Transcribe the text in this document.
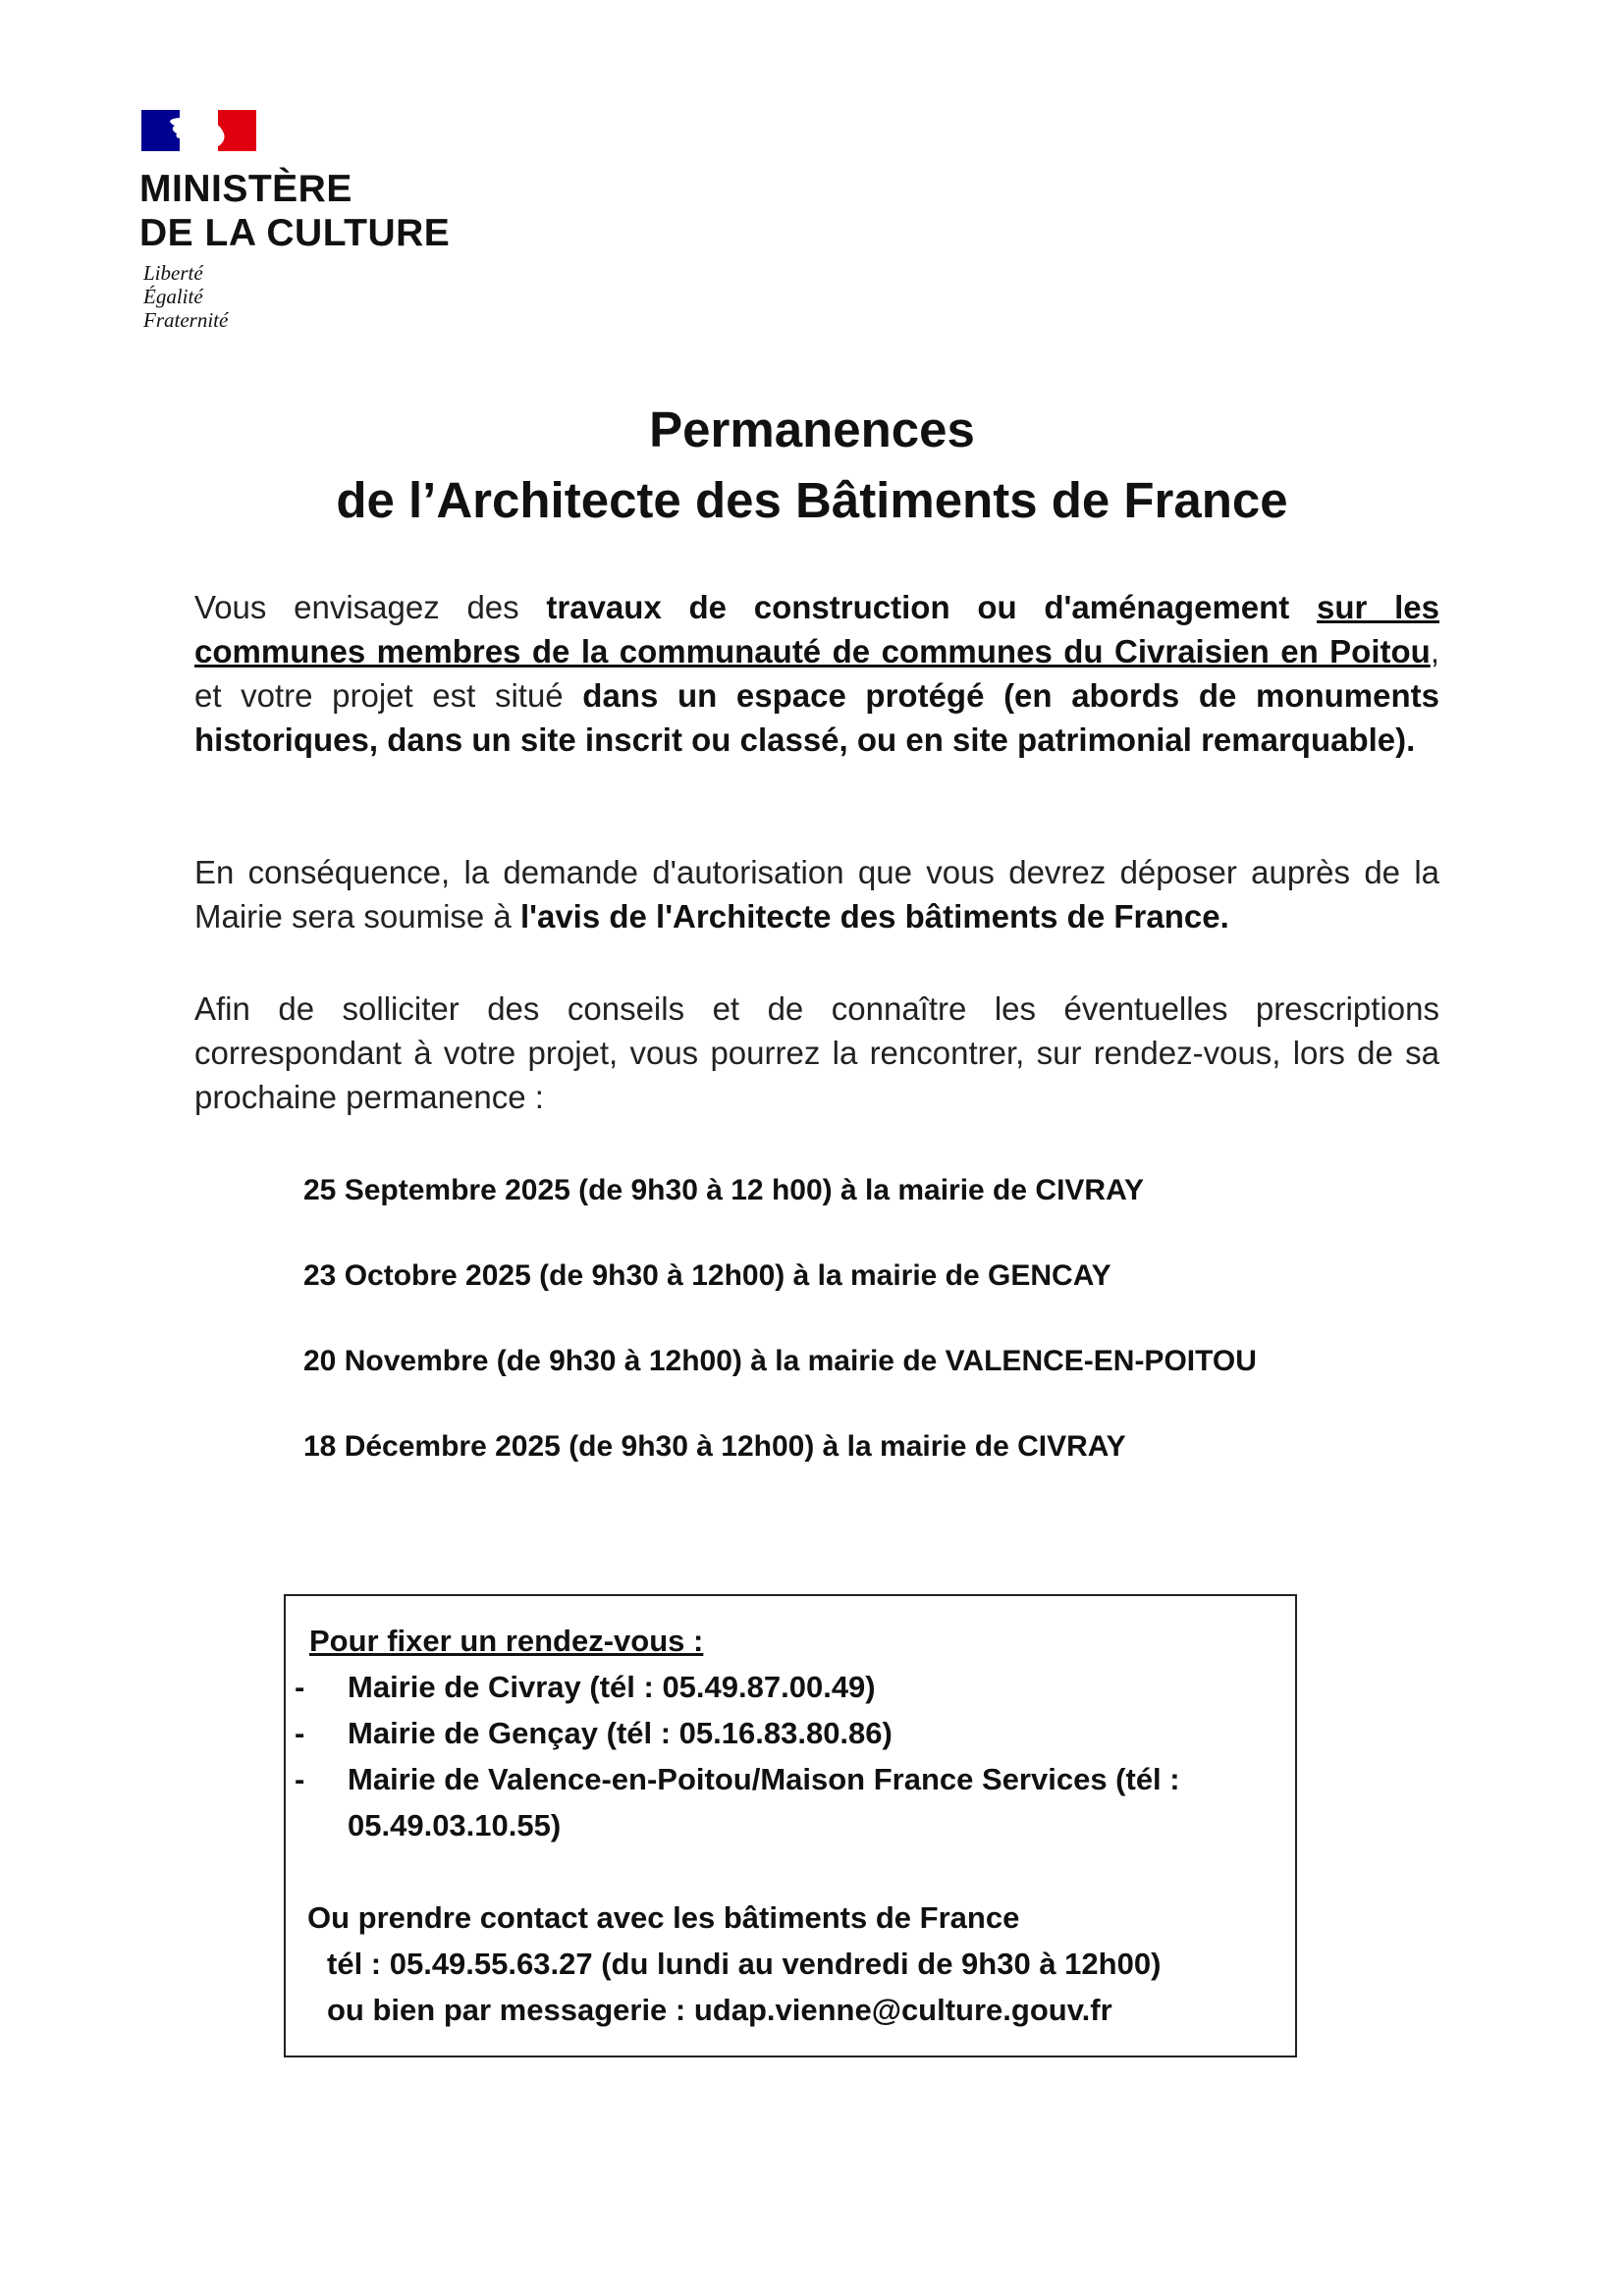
MINISTÈRE
DE LA CULTURE
Liberté
Égalité
Fraternité
Permanences
de l’Architecte des Bâtiments de France
Vous envisagez des travaux de construction ou d'aménagement sur les communes membres de la communauté de communes du Civraisien en Poitou, et votre projet est situé dans un espace protégé (en abords de monuments historiques, dans un site inscrit ou classé, ou en site patrimonial remarquable).
En conséquence, la demande d'autorisation que vous devrez déposer auprès de la Mairie sera soumise à l'avis de l'Architecte des bâtiments de France.
Afin de solliciter des conseils et de connaître les éventuelles prescriptions correspondant à votre projet, vous pourrez la rencontrer, sur rendez-vous, lors de sa prochaine permanence :
25 Septembre 2025 (de 9h30 à 12 h00) à la mairie de CIVRAY
23 Octobre 2025 (de 9h30 à 12h00) à la mairie de GENCAY
20 Novembre (de 9h30 à 12h00) à la mairie de VALENCE-EN-POITOU
18 Décembre 2025 (de 9h30 à 12h00) à la mairie de CIVRAY
Pour fixer un rendez-vous :
- Mairie de Civray (tél : 05.49.87.00.49)
- Mairie de Gençay (tél : 05.16.83.80.86)
- Mairie de Valence-en-Poitou/Maison France Services (tél : 05.49.03.10.55)
Ou prendre contact avec les bâtiments de France
tél : 05.49.55.63.27 (du lundi au vendredi de 9h30 à 12h00)
ou bien par messagerie : udap.vienne@culture.gouv.fr
